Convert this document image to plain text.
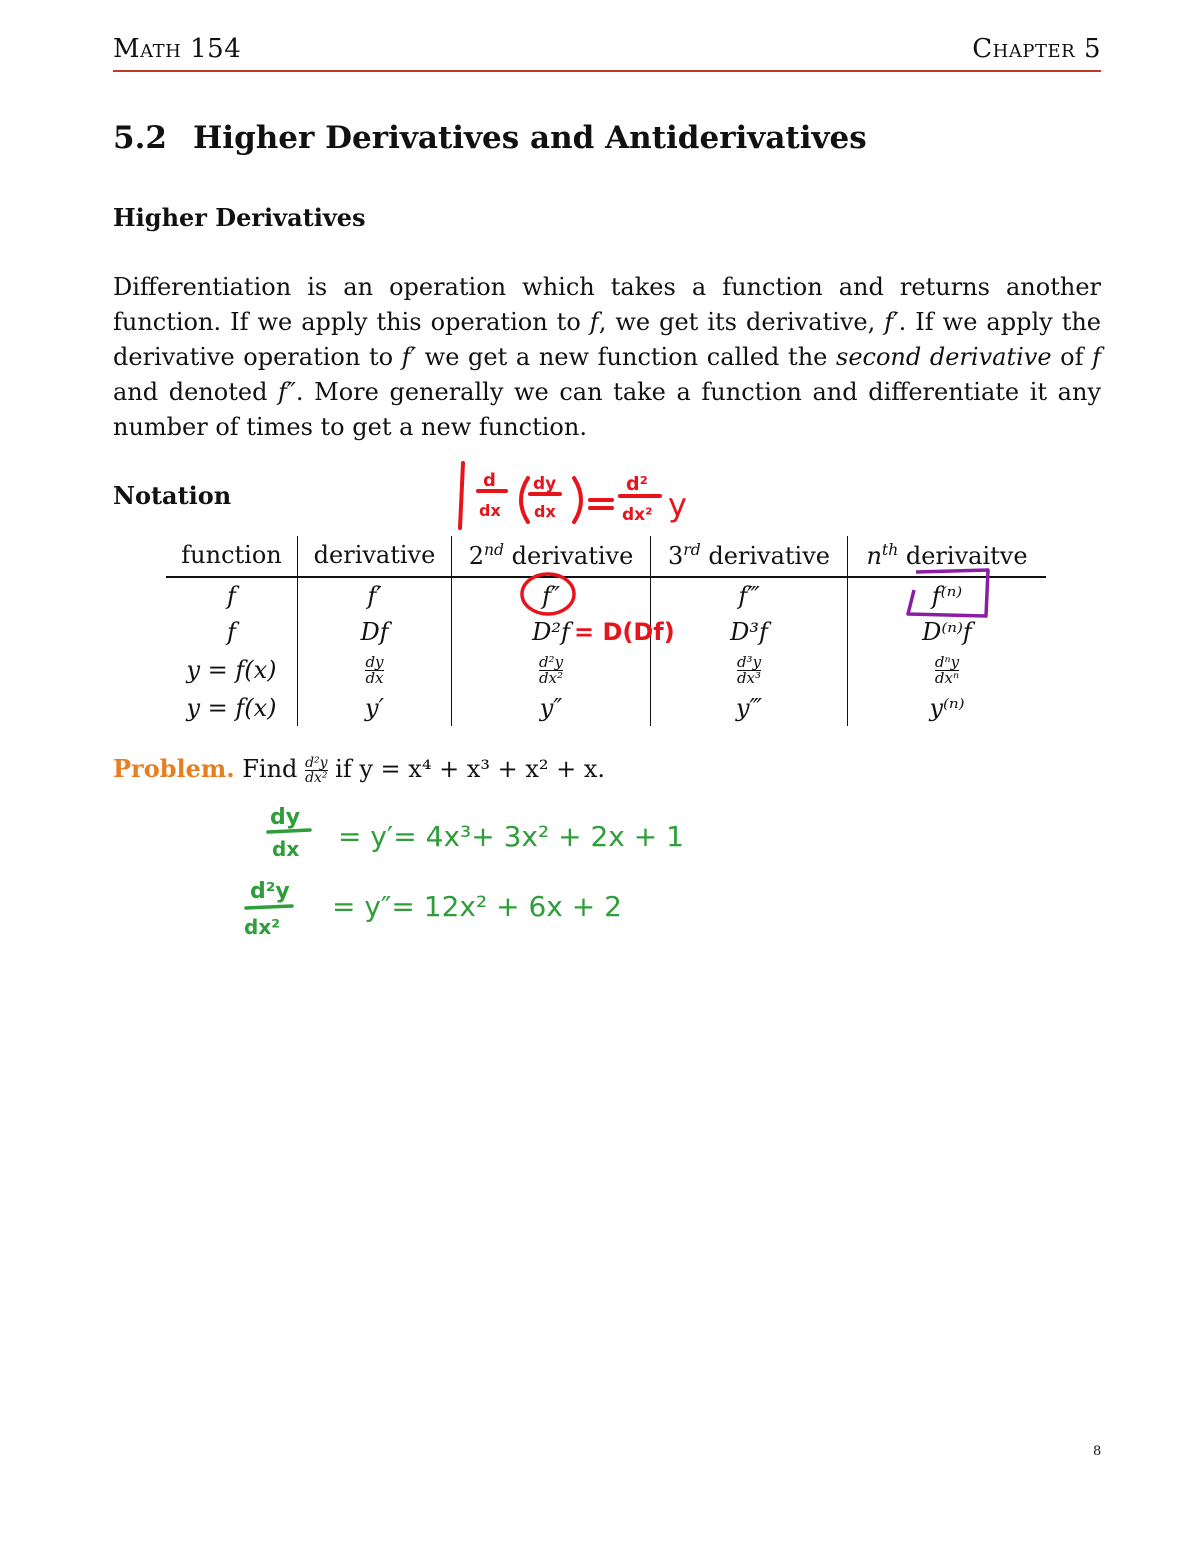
Math 154	Chapter 5
5.2 Higher Derivatives and Antiderivatives
Higher Derivatives
Differentiation is an operation which takes a function and returns another function. If we apply this operation to f, we get its derivative, f′. If we apply the derivative operation to f′ we get a new function called the second derivative of f and denoted f″. More generally we can take a function and differentiate it any number of times to get a new function.
Notation
function	derivative	2nd derivative	3rd derivative	$n^{th}$ derivaitve
f	f′	f″	f‴	f⁽ⁿ⁾
f	Df	D²f	D³f	D⁽ⁿ⁾f
y = f(x)	$\frac{dy}{dx}$	$\frac{\text{d²y}}{\text{dx²}}$	$\frac{\text{d³y}}{\text{dx³}}$	$\frac{\text{dⁿy}}{\text{dxⁿ}}$

y = f(x)	y′	y″	y‴	y⁽ⁿ⁾
Problem. Find $\frac{\text{d²y}}{\text{dx²}}$ if y = x⁴ + x³ + x² + x.
d
dx
dy
dx
d²
dx² y
= D(Df)
dy
dx = y′= 4x³+ 3x² + 2x + 1
d²y
dx²
= y″= 12x² + 6x + 2
8
